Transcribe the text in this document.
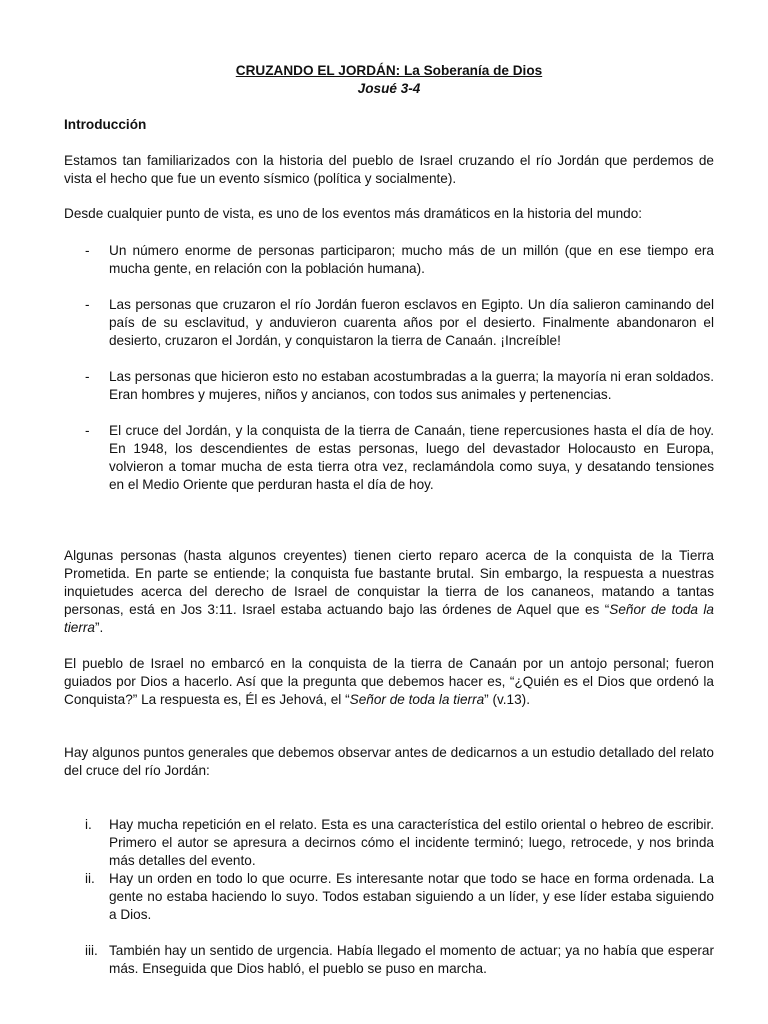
CRUZANDO EL JORDÁN: La Soberanía de Dios
Josué 3-4
Introducción
Estamos tan familiarizados con la historia del pueblo de Israel cruzando el río Jordán que perdemos de vista el hecho que fue un evento sísmico (política y socialmente).
Desde cualquier punto de vista, es uno de los eventos más dramáticos en la historia del mundo:
- Un número enorme de personas participaron; mucho más de un millón (que en ese tiempo era mucha gente, en relación con la población humana).
- Las personas que cruzaron el río Jordán fueron esclavos en Egipto. Un día salieron caminando del país de su esclavitud, y anduvieron cuarenta años por el desierto. Finalmente abandonaron el desierto, cruzaron el Jordán, y conquistaron la tierra de Canaán. ¡Increíble!
- Las personas que hicieron esto no estaban acostumbradas a la guerra; la mayoría ni eran soldados. Eran hombres y mujeres, niños y ancianos, con todos sus animales y pertenencias.
- El cruce del Jordán, y la conquista de la tierra de Canaán, tiene repercusiones hasta el día de hoy. En 1948, los descendientes de estas personas, luego del devastador Holocausto en Europa, volvieron a tomar mucha de esta tierra otra vez, reclamándola como suya, y desatando tensiones en el Medio Oriente que perduran hasta el día de hoy.
Algunas personas (hasta algunos creyentes) tienen cierto reparo acerca de la conquista de la Tierra Prometida. En parte se entiende; la conquista fue bastante brutal. Sin embargo, la respuesta a nuestras inquietudes acerca del derecho de Israel de conquistar la tierra de los cananeos, matando a tantas personas, está en Jos 3:11. Israel estaba actuando bajo las órdenes de Aquel que es “Señor de toda la tierra”.
El pueblo de Israel no embarcó en la conquista de la tierra de Canaán por un antojo personal; fueron guiados por Dios a hacerlo. Así que la pregunta que debemos hacer es, “¿Quién es el Dios que ordenó la Conquista?” La respuesta es, Él es Jehová, el “Señor de toda la tierra” (v.13).
Hay algunos puntos generales que debemos observar antes de dedicarnos a un estudio detallado del relato del cruce del río Jordán:
i. Hay mucha repetición en el relato. Esta es una característica del estilo oriental o hebreo de escribir. Primero el autor se apresura a decirnos cómo el incidente terminó; luego, retrocede, y nos brinda más detalles del evento.
ii. Hay un orden en todo lo que ocurre. Es interesante notar que todo se hace en forma ordenada. La gente no estaba haciendo lo suyo. Todos estaban siguiendo a un líder, y ese líder estaba siguiendo a Dios.
iii. También hay un sentido de urgencia. Había llegado el momento de actuar; ya no había que esperar más. Enseguida que Dios habló, el pueblo se puso en marcha.
